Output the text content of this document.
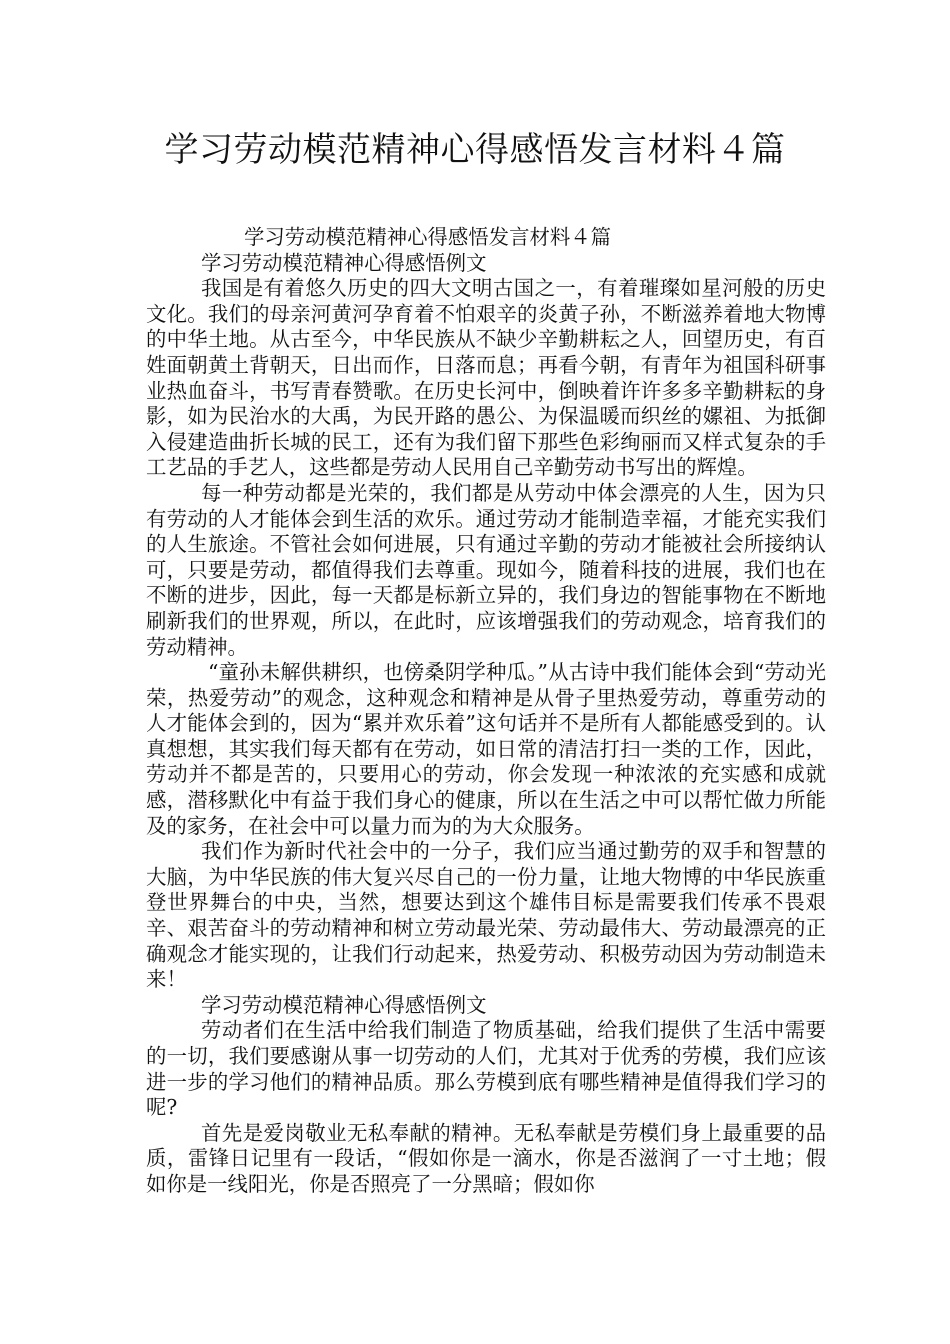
学习劳动模范精神心得感悟发言材料４篇

学习劳动模范精神心得感悟发言材料４篇

学习劳动模范精神心得感悟例文

我国是有着悠久历史的四大文明古国之一，有着璀璨如星河般的历史文化。我们的母亲河黄河孕育着不怕艰辛的炎黄子孙，不断滋养着地大物博的中华土地。从古至今，中华民族从不缺少辛勤耕耘之人，回望历史，有百姓面朝黄土背朝天，日出而作，日落而息；再看今朝，有青年为祖国科研事业热血奋斗，书写青春赞歌。在历史长河中，倒映着许许多多辛勤耕耘的身影，如为民治水的大禹，为民开路的愚公、为保温暖而织丝的嫘祖、为抵御入侵建造曲折长城的民工，还有为我们留下那些色彩绚丽而又样式复杂的手工艺品的手艺人，这些都是劳动人民用自己辛勤劳动书写出的辉煌。

每一种劳动都是光荣的，我们都是从劳动中体会漂亮的人生，因为只有劳动的人才能体会到生活的欢乐。通过劳动才能制造幸福，才能充实我们的人生旅途。不管社会如何进展，只有通过辛勤的劳动才能被社会所接纳认可，只要是劳动，都值得我们去尊重。现如今，随着科技的进展，我们也在不断的进步，因此，每一天都是标新立异的，我们身边的智能事物在不断地刷新我们的世界观，所以，在此时，应该增强我们的劳动观念，培育我们的劳动精神。

“童孙未解供耕织，也傍桑阴学种瓜。”从古诗中我们能体会到“劳动光荣，热爱劳动”的观念，这种观念和精神是从骨子里热爱劳动，尊重劳动的人才能体会到的，因为“累并欢乐着”这句话并不是所有人都能感受到的。认真想想，其实我们每天都有在劳动，如日常的清洁打扫一类的工作，因此，劳动并不都是苦的，只要用心的劳动，你会发现一种浓浓的充实感和成就感，潜移默化中有益于我们身心的健康，所以在生活之中可以帮忙做力所能及的家务，在社会中可以量力而为的为大众服务。

我们作为新时代社会中的一分子，我们应当通过勤劳的双手和智慧的大脑，为中华民族的伟大复兴尽自己的一份力量，让地大物博的中华民族重登世界舞台的中央，当然，想要达到这个雄伟目标是需要我们传承不畏艰辛、艰苦奋斗的劳动精神和树立劳动最光荣、劳动最伟大、劳动最漂亮的正确观念才能实现的，让我们行动起来，热爱劳动、积极劳动因为劳动制造未来！

学习劳动模范精神心得感悟例文

劳动者们在生活中给我们制造了物质基础，给我们提供了生活中需要的一切，我们要感谢从事一切劳动的人们，尤其对于优秀的劳模，我们应该进一步的学习他们的精神品质。那么劳模到底有哪些精神是值得我们学习的呢?

首先是爱岗敬业无私奉献的精神。无私奉献是劳模们身上最重要的品质，雷锋日记里有一段话，“假如你是一滴水，你是否滋润了一寸土地；假如你是一线阳光，你是否照亮了一分黑暗；假如你
